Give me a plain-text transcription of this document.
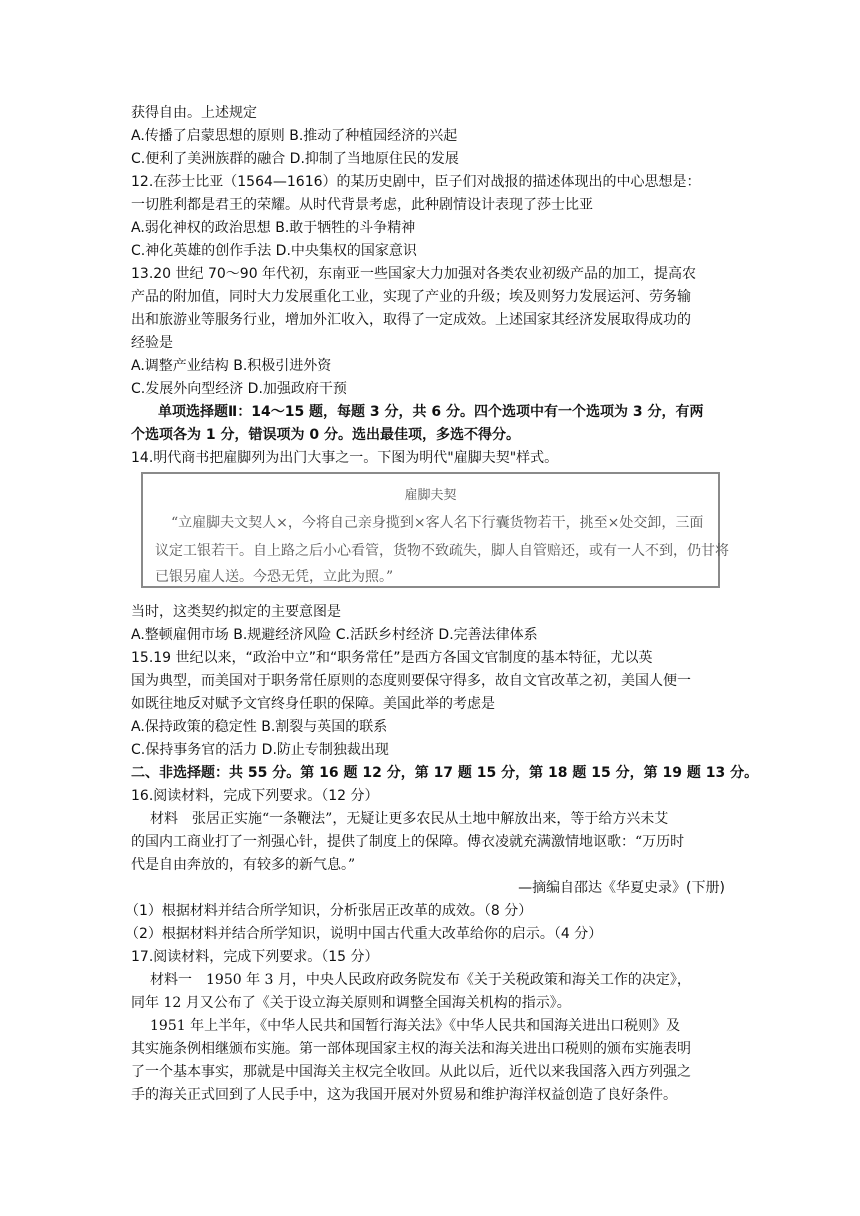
获得自由。上述规定
A.传播了启蒙思想的原则 B.推动了种植园经济的兴起
C.便利了美洲族群的融合 D.抑制了当地原住民的发展
12.在莎士比亚（1564—1616）的某历史剧中，臣子们对战报的描述体现出的中心思想是：
一切胜利都是君王的荣耀。从时代背景考虑，此种剧情设计表现了莎士比亚
A.弱化神权的政治思想 B.敢于牺牲的斗争精神
C.神化英雄的创作手法 D.中央集权的国家意识
13.20 世纪 70～90 年代初，东南亚一些国家大力加强对各类农业初级产品的加工，提高农
产品的附加值，同时大力发展重化工业，实现了产业的升级；埃及则努力发展运河、劳务输
出和旅游业等服务行业，增加外汇收入，取得了一定成效。上述国家其经济发展取得成功的
经验是
A.调整产业结构 B.积极引进外资
C.发展外向型经济 D.加强政府干预
单项选择题Ⅱ：14～15 题，每题 3 分，共 6 分。四个选项中有一个选项为 3 分，有两
个选项各为 1 分，错误项为 0 分。选出最佳项，多选不得分。
14.明代商书把雇脚列为出门大事之一。下图为明代"雇脚夫契"样式。
雇脚夫契
“立雇脚夫文契人×，今将自己亲身揽到×客人名下行囊货物若干，挑至×处交卸，三面
议定工银若干。自上路之后小心看管，货物不致疏失，脚人自管赔还，或有一人不到，仍甘将
已银另雇人送。今恐无凭，立此为照。”
当时，这类契约拟定的主要意图是
A.整顿雇佣市场 B.规避经济风险 C.活跃乡村经济 D.完善法律体系
15.19 世纪以来，“政治中立”和“职务常任”是西方各国文官制度的基本特征，尤以英
国为典型，而美国对于职务常任原则的态度则要保守得多，故自文官改革之初，美国人便一
如既往地反对赋予文官终身任职的保障。美国此举的考虑是
A.保持政策的稳定性 B.割裂与英国的联系
C.保持事务官的活力 D.防止专制独裁出现
二、非选择题：共 55 分。第 16 题 12 分，第 17 题 15 分，第 18 题 15 分，第 19 题 13 分。
16.阅读材料，完成下列要求。（12 分）
材料　张居正实施“一条鞭法”，无疑让更多农民从土地中解放出来，等于给方兴未艾
的国内工商业打了一剂强心针，提供了制度上的保障。傅衣凌就充满激情地讴歌：“万历时
代是自由奔放的，有较多的新气息。”
—摘编自邵达《华夏史录》(下册)
（1）根据材料并结合所学知识，分析张居正改革的成效。（8 分）
（2）根据材料并结合所学知识，说明中国古代重大改革给你的启示。（4 分）
17.阅读材料，完成下列要求。（15 分）
材料一　1950 年 3 月，中央人民政府政务院发布《关于关税政策和海关工作的决定》，
同年 12 月又公布了《关于设立海关原则和调整全国海关机构的指示》。
1951 年上半年，《中华人民共和国暂行海关法》《中华人民共和国海关进出口税则》及
其实施条例相继颁布实施。第一部体现国家主权的海关法和海关进出口税则的颁布实施表明
了一个基本事实，那就是中国海关主权完全收回。从此以后，近代以来我国落入西方列强之
手的海关正式回到了人民手中，这为我国开展对外贸易和维护海洋权益创造了良好条件。
